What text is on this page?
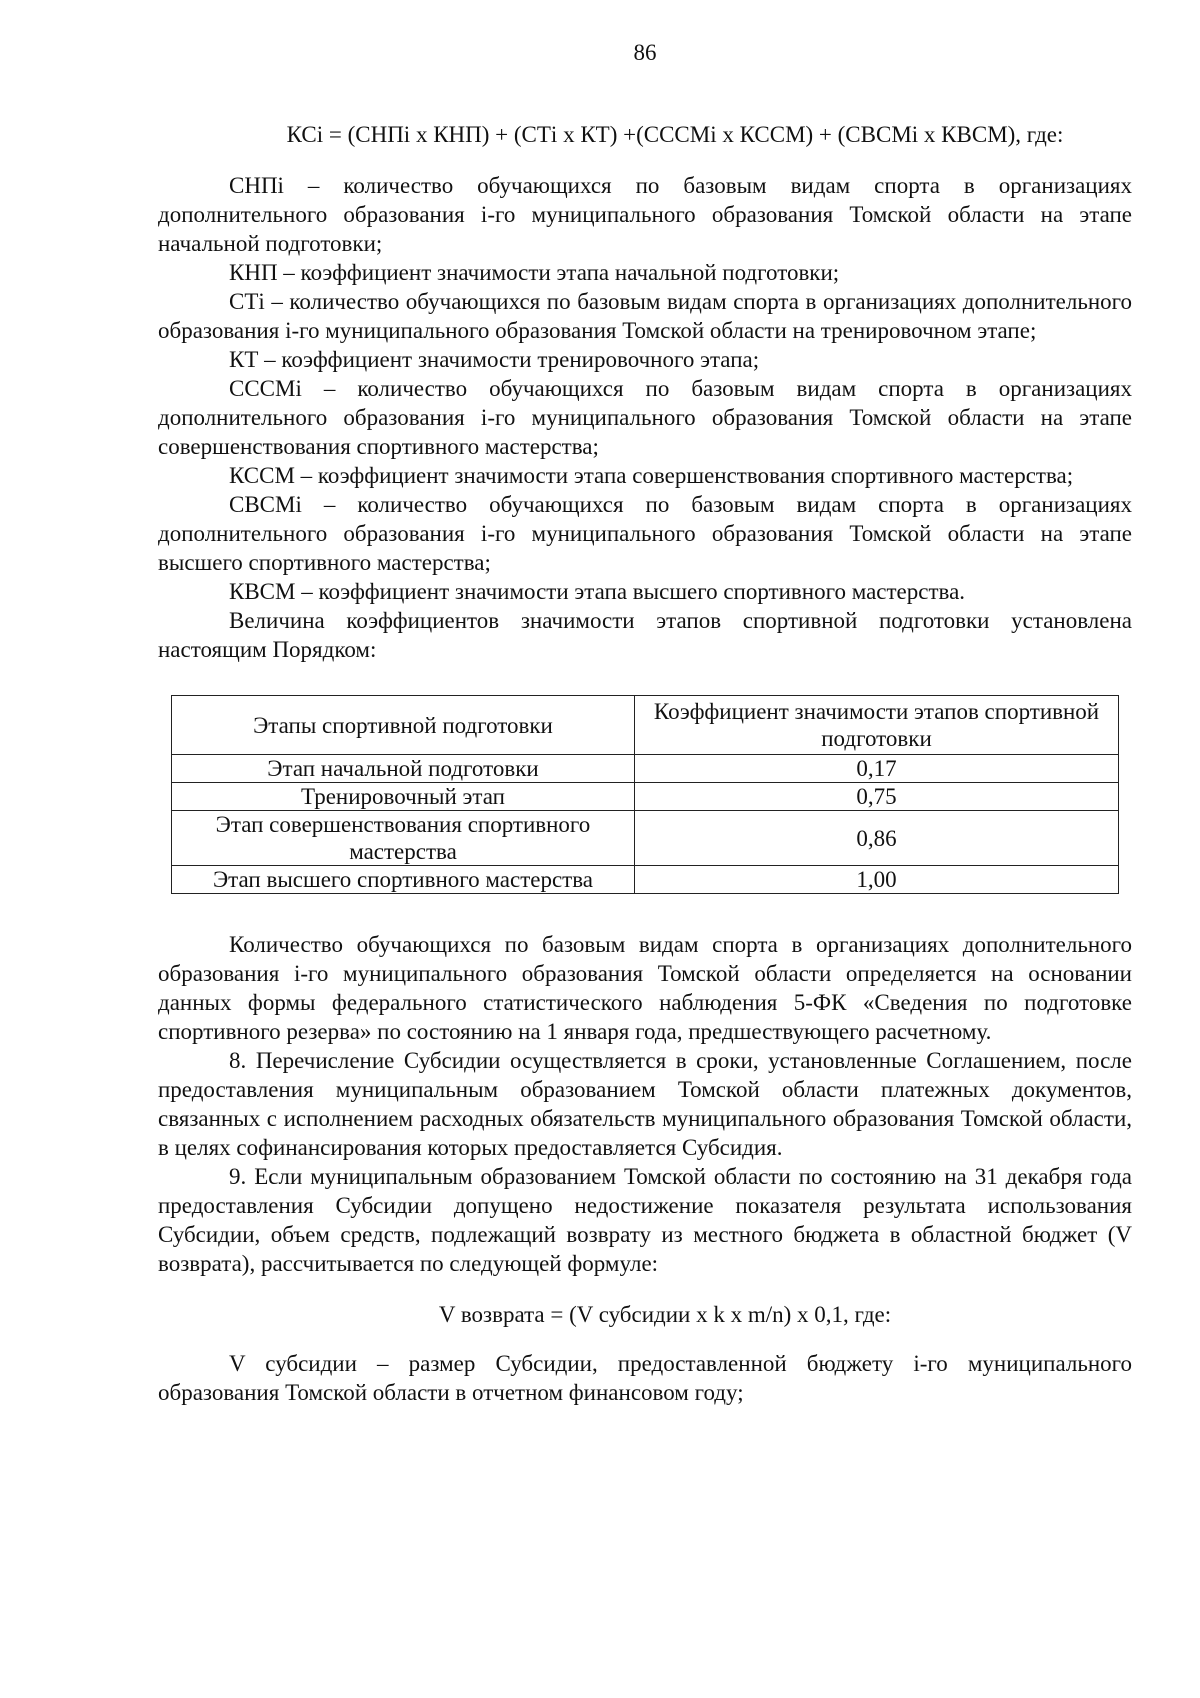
86
КСi = (СНПi х КНП) + (СТi х КТ) +(СССМi х КССМ) + (СВСМi х КВСМ), где:

СНПi – количество обучающихся по базовым видам спорта в организациях дополнительного образования i-го муниципального образования Томской области на этапе начальной подготовки;

КНП – коэффициент значимости этапа начальной подготовки;

СТi – количество обучающихся по базовым видам спорта в организациях дополнительного образования i-го муниципального образования Томской области на тренировочном этапе;

КТ – коэффициент значимости тренировочного этапа;

СССМi – количество обучающихся по базовым видам спорта в организациях дополнительного образования i-го муниципального образования Томской области на этапе совершенствования спортивного мастерства;

КССМ – коэффициент значимости этапа совершенствования спортивного мастерства;

СВСМi – количество обучающихся по базовым видам спорта в организациях дополнительного образования i-го муниципального образования Томской области на этапе высшего спортивного мастерства;

КВСМ – коэффициент значимости этапа высшего спортивного мастерства.

Величина коэффициентов значимости этапов спортивной подготовки установлена настоящим Порядком:

Этапы спортивной подготовки	Коэффициент значимости этапов спортивной подготовки
Этап начальной подготовки	0,17
Тренировочный этап	0,75
Этап совершенствования спортивного мастерства	0,86
Этап высшего спортивного мастерства	1,00

Количество обучающихся по базовым видам спорта в организациях дополнительного образования i-го муниципального образования Томской области определяется на основании данных формы федерального статистического наблюдения 5-ФК «Сведения по подготовке спортивного резерва» по состоянию на 1 января года, предшествующего расчетному.

8. Перечисление Субсидии осуществляется в сроки, установленные Соглашением, после предоставления муниципальным образованием Томской области платежных документов, связанных с исполнением расходных обязательств муниципального образования Томской области, в целях софинансирования которых предоставляется Субсидия.

9. Если муниципальным образованием Томской области по состоянию на 31 декабря года предоставления Субсидии допущено недостижение показателя результата использования Субсидии, объем средств, подлежащий возврату из местного бюджета в областной бюджет (V возврата), рассчитывается по следующей формуле:

V возврата = (V субсидии х k х m/n) х 0,1, где:

V субсидии – размер Субсидии, предоставленной бюджету i-го муниципального образования Томской области в отчетном финансовом году;
